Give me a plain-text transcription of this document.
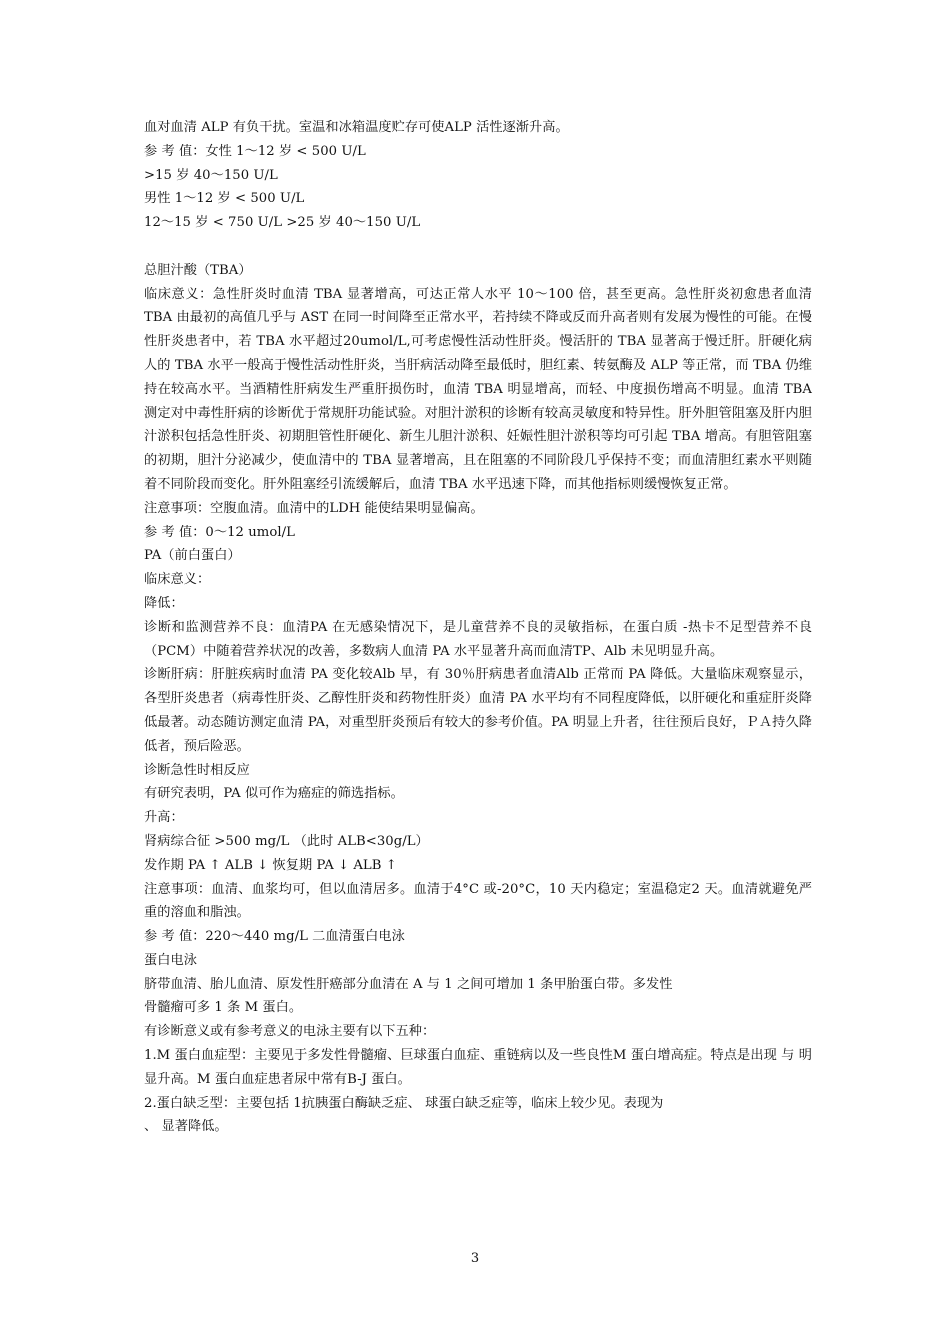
血对血清 ALP 有负干扰。室温和冰箱温度贮存可使ALP 活性逐渐升高。
参 考 值：女性 1～12 岁 < 500 U/L
>15 岁 40～150 U/L
男性 1～12 岁 < 500 U/L
12～15 岁 < 750 U/L >25 岁 40～150 U/L
总胆汁酸（TBA）
临床意义：急性肝炎时血清 TBA 显著增高，可达正常人水平 10～100 倍，甚至更高。急性肝炎初愈患者血清 TBA 由最初的高值几乎与 AST 在同一时间降至正常水平，若持续不降或反而升高者则有发展为慢性的可能。在慢性肝炎患者中，若 TBA 水平超过20umol/L,可考虑慢性活动性肝炎。慢活肝的 TBA 显著高于慢迁肝。肝硬化病人的 TBA 水平一般高于慢性活动性肝炎，当肝病活动降至最低时，胆红素、转氨酶及 ALP 等正常，而 TBA 仍维持在较高水平。当酒精性肝病发生严重肝损伤时，血清 TBA 明显增高，而轻、中度损伤增高不明显。血清 TBA 测定对中毒性肝病的诊断优于常规肝功能试验。对胆汁淤积的诊断有较高灵敏度和特异性。肝外胆管阻塞及肝内胆汁淤积包括急性肝炎、初期胆管性肝硬化、新生儿胆汁淤积、妊娠性胆汁淤积等均可引起 TBA 增高。有胆管阻塞的初期，胆汁分泌减少，使血清中的 TBA 显著增高，且在阻塞的不同阶段几乎保持不变；而血清胆红素水平则随着不同阶段而变化。肝外阻塞经引流缓解后，血清 TBA 水平迅速下降，而其他指标则缓慢恢复正常。
注意事项：空腹血清。血清中的LDH 能使结果明显偏高。
参 考 值：0～12 umol/L
PA（前白蛋白）
临床意义：
降低：
诊断和监测营养不良：血清PA 在无感染情况下，是儿童营养不良的灵敏指标，在蛋白质 -热卡不足型营养不良（PCM）中随着营养状况的改善，多数病人血清 PA 水平显著升高而血清TP、Alb 未见明显升高。
诊断肝病：肝脏疾病时血清 PA 变化较Alb 早，有 30％肝病患者血清Alb 正常而 PA 降低。大量临床观察显示，各型肝炎患者（病毒性肝炎、乙醇性肝炎和药物性肝炎）血清 PA 水平均有不同程度降低，以肝硬化和重症肝炎降低最著。动态随访测定血清 PA，对重型肝炎预后有较大的参考价值。PA 明显上升者，往往预后良好，ＰＡ持久降低者，预后险恶。
诊断急性时相反应
有研究表明，PA 似可作为癌症的筛选指标。
升高：
肾病综合征 >500 mg/L （此时 ALB<30g/L）
发作期 PA ↑ ALB ↓ 恢复期 PA ↓ ALB ↑
注意事项：血清、血浆均可，但以血清居多。血清于4°C 或-20°C，10 天内稳定；室温稳定2 天。血清就避免严重的溶血和脂浊。
参 考 值：220～440 mg/L 二血清蛋白电泳
蛋白电泳
脐带血清、胎儿血清、原发性肝癌部分血清在 A 与 1 之间可增加 1 条甲胎蛋白带。多发性
骨髓瘤可多 1 条 M 蛋白。
有诊断意义或有参考意义的电泳主要有以下五种：
1.M 蛋白血症型：主要见于多发性骨髓瘤、巨球蛋白血症、重链病以及一些良性M 蛋白增高症。特点是出现 与 明显升高。M 蛋白血症患者尿中常有B-J 蛋白。
2.蛋白缺乏型：主要包括 1抗胰蛋白酶缺乏症、 球蛋白缺乏症等，临床上较少见。表现为
、 显著降低。
3
